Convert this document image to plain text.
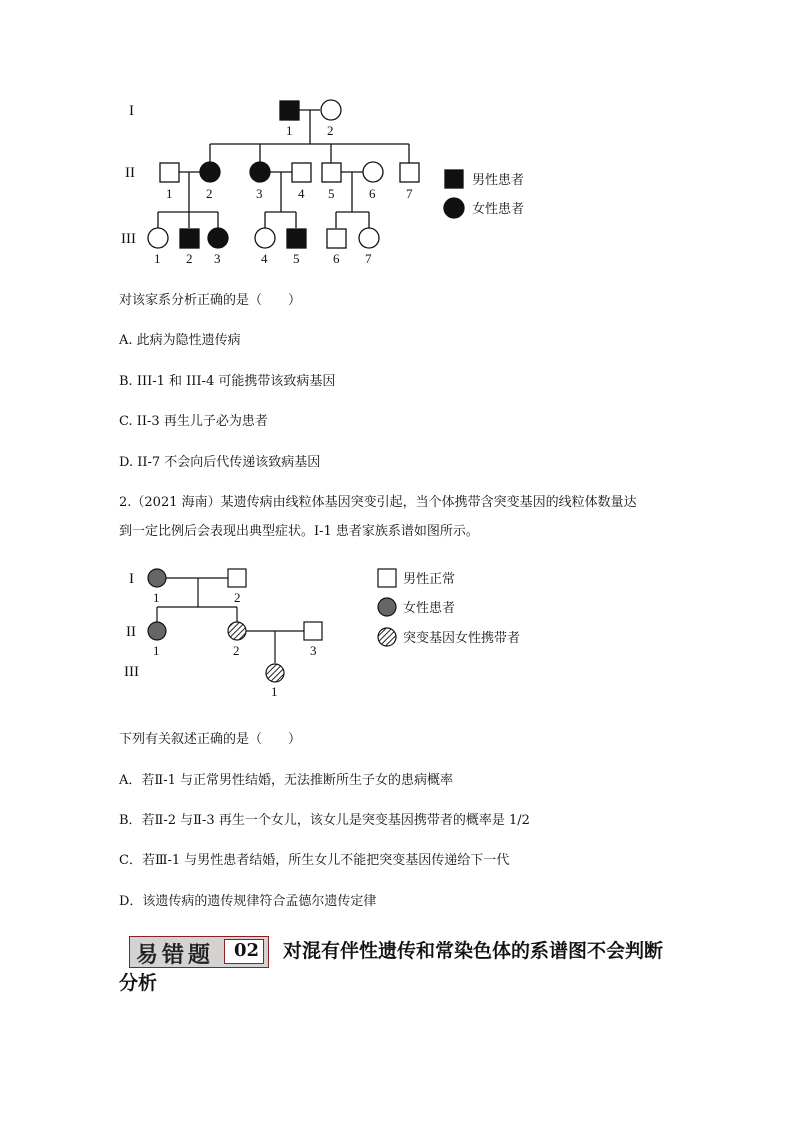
I
II
III
1	2
1	2	3	4 5	6 7
1 2 3	4 5	6 7
男性患者
女性患者
对该家系分析正确的是（　　）
A. 此病为隐性遗传病
B. III-1 和 III-4 可能携带该致病基因
C. II-3 再生儿子必为患者
D. II-7 不会向后代传递该致病基因
2.（2021 海南）某遗传病由线粒体基因突变引起，当个体携带含突变基因的线粒体数量达
到一定比例后会表现出典型症状。Ⅰ-1 患者家族系谱如图所示。
I
II
III
1	2
1	2	3
1
男性正常
女性患者
突变基因女性携带者
下列有关叙述正确的是（　　）
A．若Ⅱ-1 与正常男性结婚，无法推断所生子女的患病概率
B．若Ⅱ-2 与Ⅱ-3 再生一个女儿，该女儿是突变基因携带者的概率是 1/2
C．若Ⅲ-1 与男性患者结婚，所生女儿不能把突变基因传递给下一代
D．该遗传病的遗传规律符合孟德尔遗传定律
易错题 02 对混有伴性遗传和常染色体的系谱图不会判断
分析
